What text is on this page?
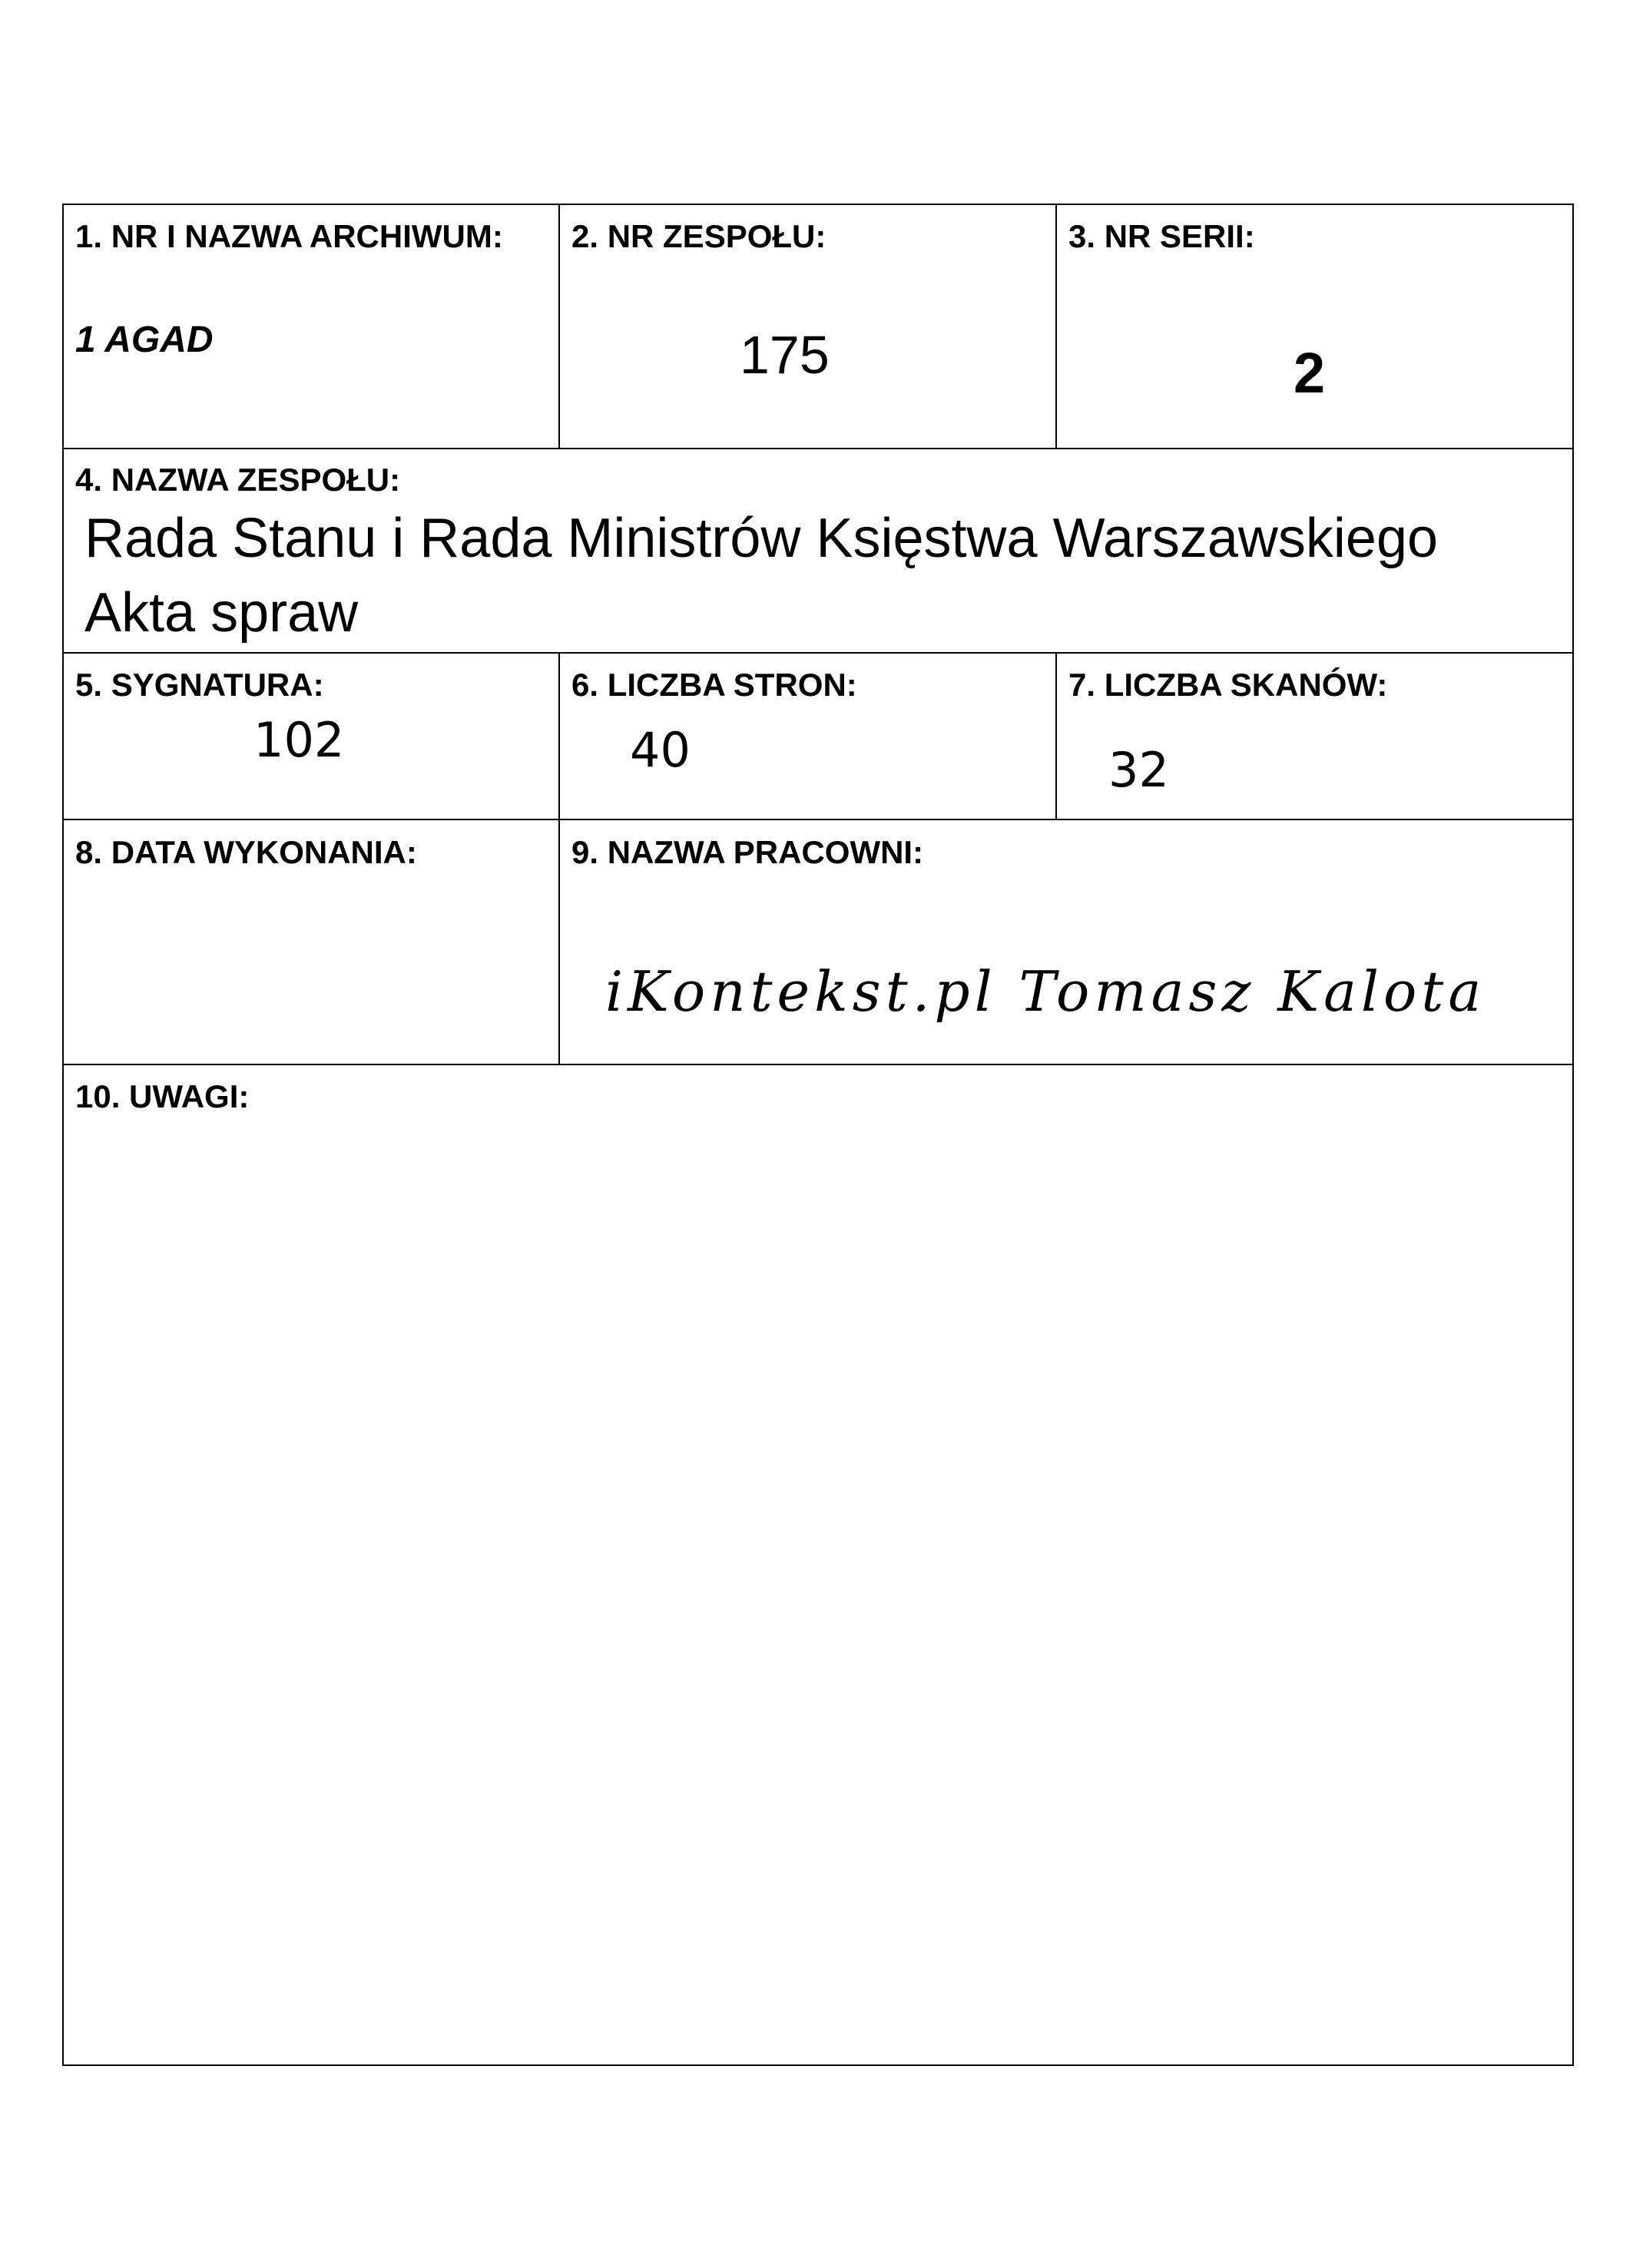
1. NR I NAZWA ARCHIWUM:
1 AGAD
2. NR ZESPOŁU:
175
3. NR SERII:
2
4. NAZWA ZESPOŁU:
Rada Stanu i Rada Ministrów Księstwa Warszawskiego
Akta spraw
5. SYGNATURA:
102
6. LICZBA STRON:
40
7. LICZBA SKANÓW:
32
8. DATA WYKONANIA:	9. NAZWA PRACOWNI:
iKontekst.pl Tomasz Kalota
10. UWAGI:
